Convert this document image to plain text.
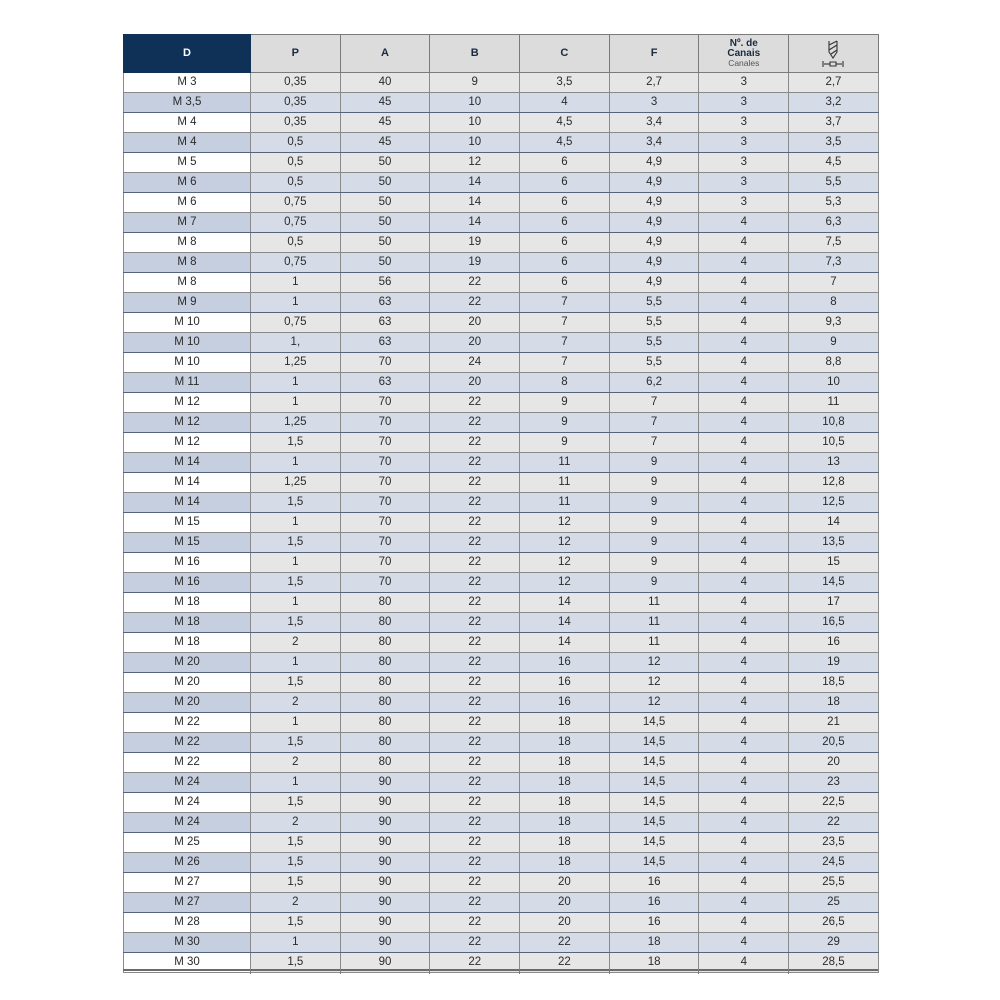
D	P	A	B	C	F	Nº. de
Canais
Canales

M 3	0,35	40	9	3,5	2,7	3	2,7
M 3,5	0,35	45	10	4	3	3	3,2
M 4	0,35	45	10	4,5	3,4	3	3,7
M 4	0,5	45	10	4,5	3,4	3	3,5
M 5	0,5	50	12	6	4,9	3	4,5
M 6	0,5	50	14	6	4,9	3	5,5
M 6	0,75	50	14	6	4,9	3	5,3
M 7	0,75	50	14	6	4,9	4	6,3
M 8	0,5	50	19	6	4,9	4	7,5
M 8	0,75	50	19	6	4,9	4	7,3
M 8	1	56	22	6	4,9	4	7
M 9	1	63	22	7	5,5	4	8
M 10	0,75	63	20	7	5,5	4	9,3
M 10	1,	63	20	7	5,5	4	9
M 10	1,25	70	24	7	5,5	4	8,8
M 11	1	63	20	8	6,2	4	10
M 12	1	70	22	9	7	4	11
M 12	1,25	70	22	9	7	4	10,8
M 12	1,5	70	22	9	7	4	10,5
M 14	1	70	22	11	9	4	13
M 14	1,25	70	22	11	9	4	12,8
M 14	1,5	70	22	11	9	4	12,5
M 15	1	70	22	12	9	4	14
M 15	1,5	70	22	12	9	4	13,5
M 16	1	70	22	12	9	4	15
M 16	1,5	70	22	12	9	4	14,5
M 18	1	80	22	14	11	4	17
M 18	1,5	80	22	14	11	4	16,5
M 18	2	80	22	14	11	4	16
M 20	1	80	22	16	12	4	19
M 20	1,5	80	22	16	12	4	18,5
M 20	2	80	22	16	12	4	18
M 22	1	80	22	18	14,5	4	21
M 22	1,5	80	22	18	14,5	4	20,5
M 22	2	80	22	18	14,5	4	20
M 24	1	90	22	18	14,5	4	23
M 24	1,5	90	22	18	14,5	4	22,5
M 24	2	90	22	18	14,5	4	22
M 25	1,5	90	22	18	14,5	4	23,5
M 26	1,5	90	22	18	14,5	4	24,5
M 27	1,5	90	22	20	16	4	25,5
M 27	2	90	22	20	16	4	25
M 28	1,5	90	22	20	16	4	26,5
M 30	1	90	22	22	18	4	29
M 30	1,5	90	22	22	18	4	28,5
